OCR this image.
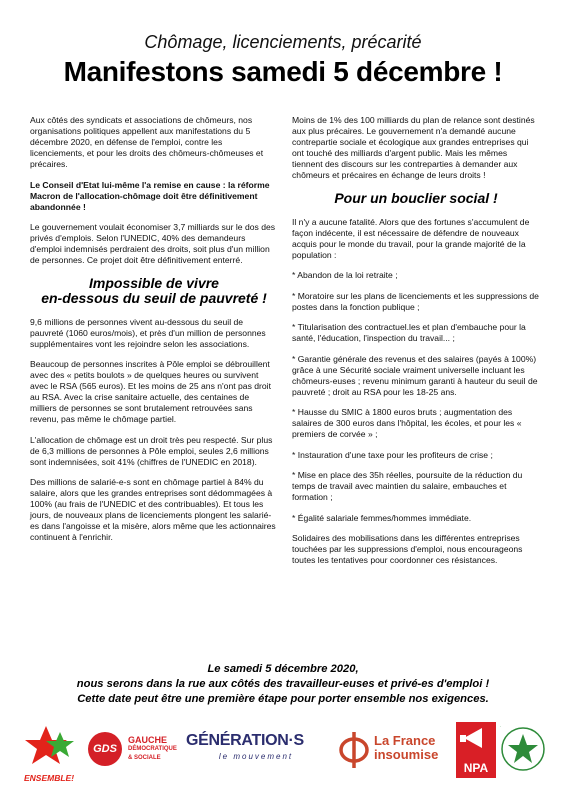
Chômage, licenciements, précarité
Manifestons samedi 5 décembre !

Aux côtés des syndicats et associations de chômeurs, nos organisations politiques appellent aux manifestations du 5 décembre 2020, en défense de l'emploi, contre les licenciements, et pour les droits des chômeurs-chômeuses et précaires.

Le Conseil d'Etat lui-même l'a remise en cause : la réforme Macron de l'allocation-chômage doit être définitivement abandonnée !

Le gouvernement voulait économiser 3,7 milliards sur le dos des privés d'emplois. Selon l'UNEDIC, 40% des demandeurs d'emploi indemnisés perdraient des droits, soit plus d'un million de personnes. Ce projet doit être définitivement enterré.

Impossible de vivre
en-dessous du seuil de pauvreté !

9,6 millions de personnes vivent au-dessous du seuil de pauvreté (1060 euros/mois), et près d'un million de personnes supplémentaires vont les rejoindre selon les associations.

Beaucoup de personnes inscrites à Pôle emploi se débrouillent avec des « petits boulots » de quelques heures ou survivent avec le RSA (565 euros). Et les moins de 25 ans n'ont pas droit au RSA. Avec la crise sanitaire actuelle, des centaines de milliers de personnes se sont brutalement retrouvées sans revenu, pas même le chômage partiel.

L'allocation de chômage est un droit très peu respecté. Sur plus de 6,3 millions de personnes à Pôle emploi, seules 2,6 millions sont indemnisées, soit 41% (chiffres de l'UNEDIC en 2018).

Des millions de salarié-e-s sont en chômage partiel à 84% du salaire, alors que les grandes entreprises sont dédommagées à 100% (au frais de l'UNEDIC et des contribuables). Et tous les jours, de nouveaux plans de licenciements plongent les salarié-es dans l'angoisse et la misère, alors même que les actionnaires continuent à l'enrichir.

Moins de 1% des 100 milliards du plan de relance sont destinés aux plus précaires. Le gouvernement n'a demandé aucune contrepartie sociale et écologique aux grandes entreprises qui ont touché des milliards d'argent public. Mais les mêmes tiennent des discours sur les contreparties à demander aux chômeurs et précaires en échange de leurs droits !

Pour un bouclier social !

Il n'y a aucune fatalité. Alors que des fortunes s'accumulent de façon indécente, il est nécessaire de défendre de nouveaux acquis pour le monde du travail, pour la grande majorité de la population :

* Abandon de la loi retraite ;
* Moratoire sur les plans de licenciements et les suppressions de postes dans la fonction publique ;
* Titularisation des contractuel.les et plan d'embauche pour la santé, l'éducation, l'inspection du travail... ;
* Garantie générale des revenus et des salaires (payés à 100%) grâce à une Sécurité sociale vraiment universelle incluant les chômeurs-euses ; revenu minimum garanti à hauteur du seuil de pauvreté ; droit au RSA pour les 18-25 ans.
* Hausse du SMIC à 1800 euros bruts ; augmentation des salaires de 300 euros dans l'hôpital, les écoles, et pour les « premiers de corvée » ;
* Instauration d'une taxe pour les profiteurs de crise ;
* Mise en place des 35h réelles, poursuite de la réduction du temps de travail avec maintien du salaire, embauches et formation ;
* Égalité salariale femmes/hommes immédiate.

Solidaires des mobilisations dans les différentes entreprises touchées par les suppressions d'emploi, nous encourageons toutes les tentatives pour coordonner ces résistances.

Le samedi 5 décembre 2020,
nous serons dans la rue aux côtés des travailleur-euses et privé-es d'emploi !
Cette date peut être une première étape pour porter ensemble nos exigences.
ENSEMBLE!
GDS
GAUCHE
DÉMOCRATIQUE
& SOCIALE
GÉNÉRATION·S
le mouvement
La France
insoumise
NPA
